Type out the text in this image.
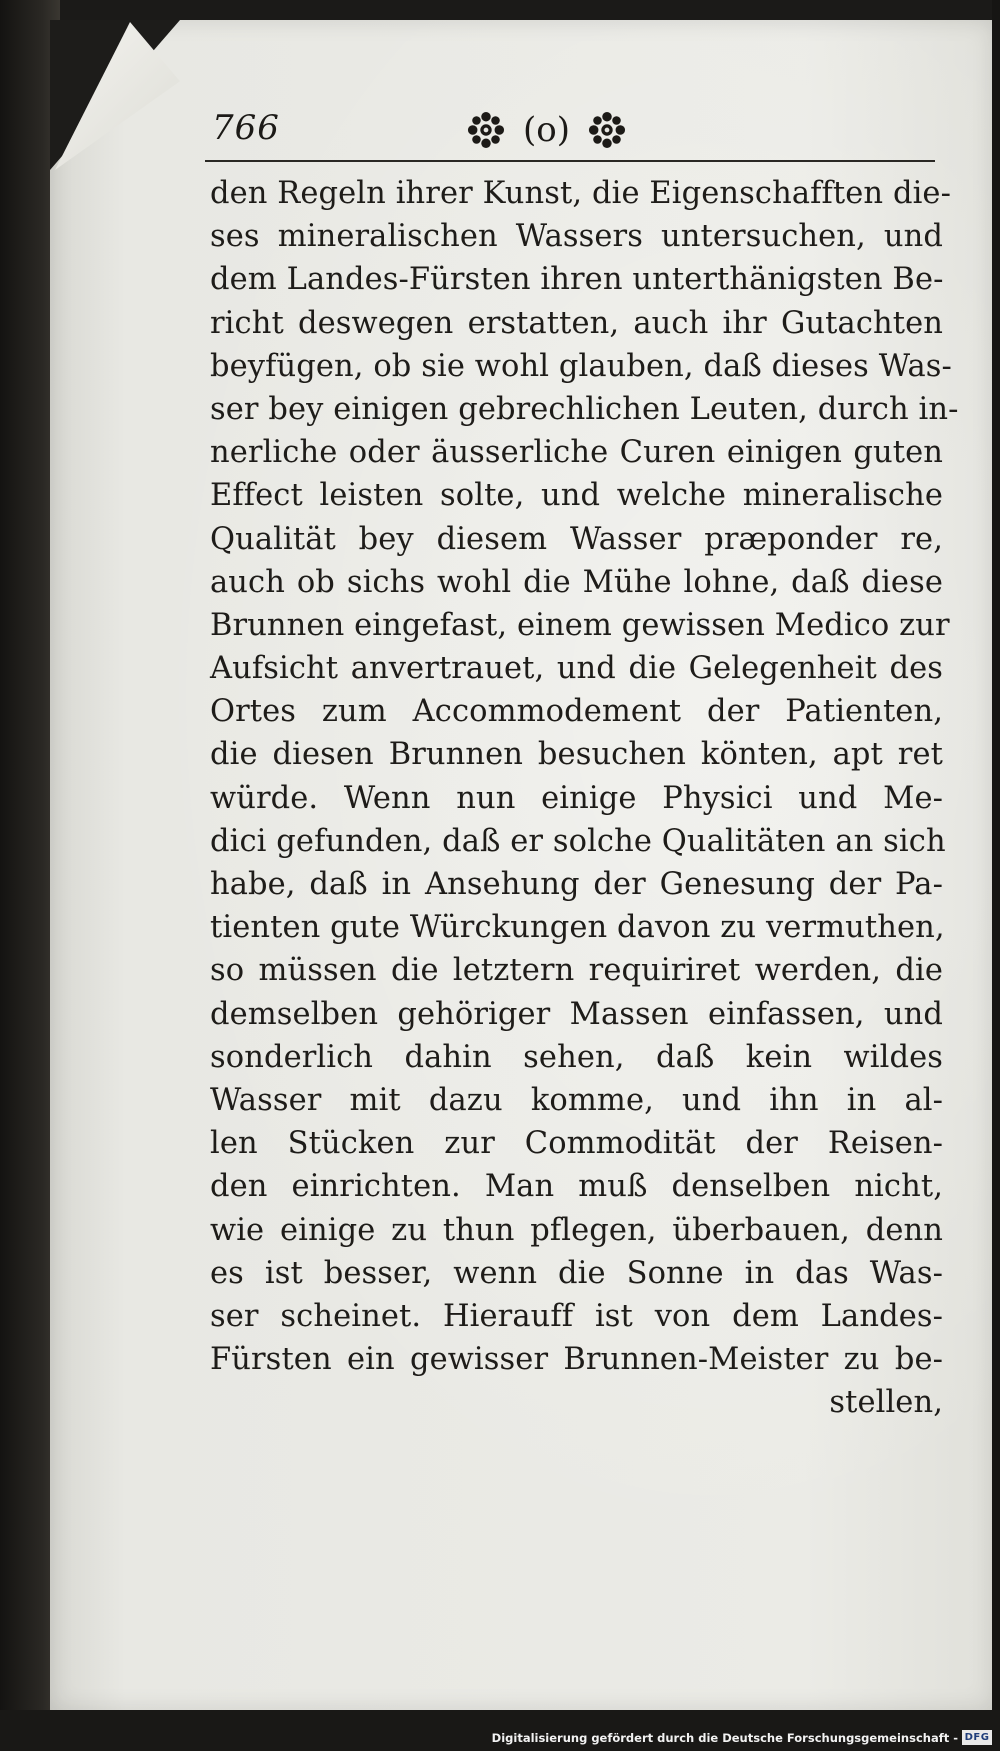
766	(o)
den Regeln ihrer Kunst, die Eigenschafften die-
ses mineralischen Wassers untersuchen, und
dem Landes-Fürsten ihren unterthänigsten Be-
richt deswegen erstatten, auch ihr Gutachten
beyfügen, ob sie wohl glauben, daß dieses Was-
ser bey einigen gebrechlichen Leuten, durch in-
nerliche oder äusserliche Curen einigen guten
Effect leisten solte, und welche mineralische
Qualität bey diesem Wasser præponder re,
auch ob sichs wohl die Mühe lohne, daß diese
Brunnen eingefast, einem gewissen Medico zur
Aufsicht anvertrauet, und die Gelegenheit des
Ortes zum Accommodement der Patienten,
die diesen Brunnen besuchen könten, apt ret
würde. Wenn nun einige Physici und Me-
dici gefunden, daß er solche Qualitäten an sich
habe, daß in Ansehung der Genesung der Pa-
tienten gute Würckungen davon zu vermuthen,
so müssen die letztern requiriret werden, die
demselben gehöriger Massen einfassen, und
sonderlich dahin sehen, daß kein wildes
Wasser mit dazu komme, und ihn in al-
len Stücken zur Commodität der Reisen-
den einrichten. Man muß denselben nicht,
wie einige zu thun pflegen, überbauen, denn
es ist besser, wenn die Sonne in das Was-
ser scheinet. Hierauff ist von dem Landes-
Fürsten ein gewisser Brunnen-Meister zu be-
stellen,
Digitalisierung gefördert durch die Deutsche Forschungsgemeinschaft - DFG
